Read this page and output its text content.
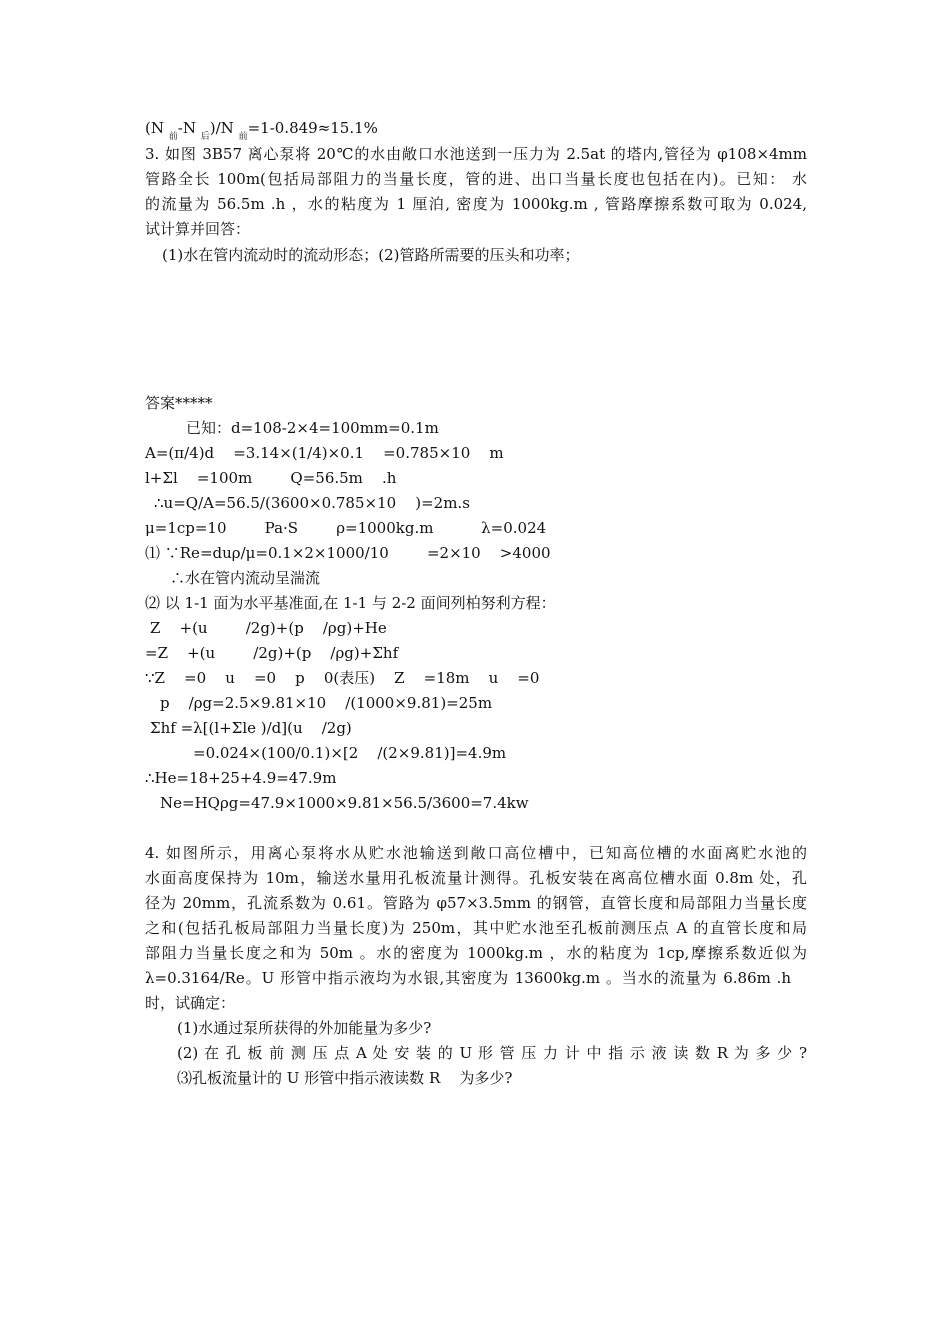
(N $_前$-N $_后$)/N $_前$=1-0.849≈15.1%
3. 如图 3B57 离心泵将 20℃的水由敞口水池送到一压力为 2.5at 的塔内,管径为 φ108×4mm
管路全长 100m(包括局部阻力的当量长度，管的进、出口当量长度也包括在内)。已知： 水
的流量为 56.5m .h ，水的粘度为 1 厘泊, 密度为 1000kg.m , 管路摩擦系数可取为 0.024,
试计算并回答：
(1)水在管内流动时的流动形态；(2)管路所需要的压头和功率；
答案*****
已知：d=108-2×4=100mm=0.1m
A=(π/4)d    =3.14×(1/4)×0.1    =0.785×10    m
l+Σl    =100m        Q=56.5m    .h
∴u=Q/A=56.5/(3600×0.785×10    )=2m.s
μ=1cp=10        Pa·S        ρ=1000kg.m          λ=0.024
⑴ ∵Re=duρ/μ=0.1×2×1000/10        =2×10    >4000
∴水在管内流动呈湍流
⑵ 以 1-1 面为水平基准面,在 1-1 与 2-2 面间列柏努利方程：
Z    +(u        /2g)+(p    /ρg)+He
=Z    +(u        /2g)+(p    /ρg)+Σhf
∵Z    =0    u    =0    p    0(表压)    Z    =18m    u    =0
p    /ρg=2.5×9.81×10    /(1000×9.81)=25m
Σhf =λ[(l+Σle )/d](u    /2g)
=0.024×(100/0.1)×[2    /(2×9.81)]=4.9m
∴He=18+25+4.9=47.9m
Ne=HQρg=47.9×1000×9.81×56.5/3600=7.4kw
4. 如图所示，用离心泵将水从贮水池输送到敞口高位槽中，已知高位槽的水面离贮水池的
水面高度保持为 10m，输送水量用孔板流量计测得。孔板安装在离高位槽水面 0.8m 处，孔
径为 20mm，孔流系数为 0.61。管路为 φ57×3.5mm 的钢管，直管长度和局部阻力当量长度
之和(包括孔板局部阻力当量长度)为 250m，其中贮水池至孔板前测压点 A 的直管长度和局
部阻力当量长度之和为 50m 。水的密度为 1000kg.m ，水的粘度为 1cp,摩擦系数近似为
λ=0.3164/Re。U 形管中指示液均为水银,其密度为 13600kg.m 。当水的流量为 6.86m .h
时，试确定：
(1)水通过泵所获得的外加能量为多少?
(2) 在 孔 板 前 测 压 点 A 处 安 装 的 U 形 管 压 力 计 中 指 示 液 读 数 R 为 多 少 ?
⑶孔板流量计的 U 形管中指示液读数 R    为多少?
